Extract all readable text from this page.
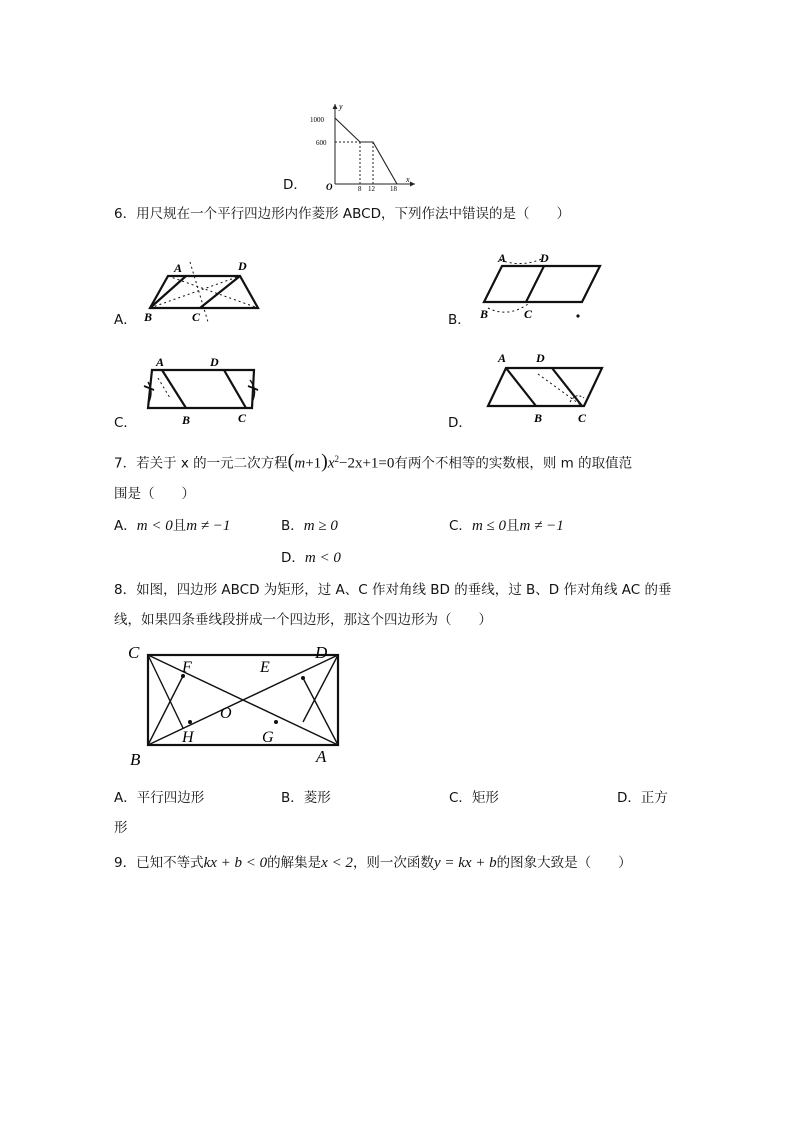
D．
y
x
O
1000
600
8 12 18
6．用尺规在一个平行四边形内作菱形 ABCD，下列作法中错误的是（　　）
A．
A	D
B	C	B．
A	D
B	C
C．
A	D
B	C	D．
A D
B	C
7．若关于 x 的一元二次方程$(m+1)x^2-2x+1=0$有两个不相等的实数根，则 m 的取值范
围是（　　）
A．m < 0且m ≠ −1	B．m ≥ 0	C．m ≤ 0且m ≠ −1
D．m < 0
8．如图，四边形 ABCD 为矩形，过 A、C 作对角线 BD 的垂线，过 B、D 作对角线 AC 的垂
线，如果四条垂线段拼成一个四边形，那这个四边形为（　　）
C	D
B	A
F	E
O
H	G
A．平行四边形	B．菱形	C．矩形	D．正方
形
9．已知不等式kx + b < 0的解集是x < 2，则一次函数y = kx + b的图象大致是（　　）
